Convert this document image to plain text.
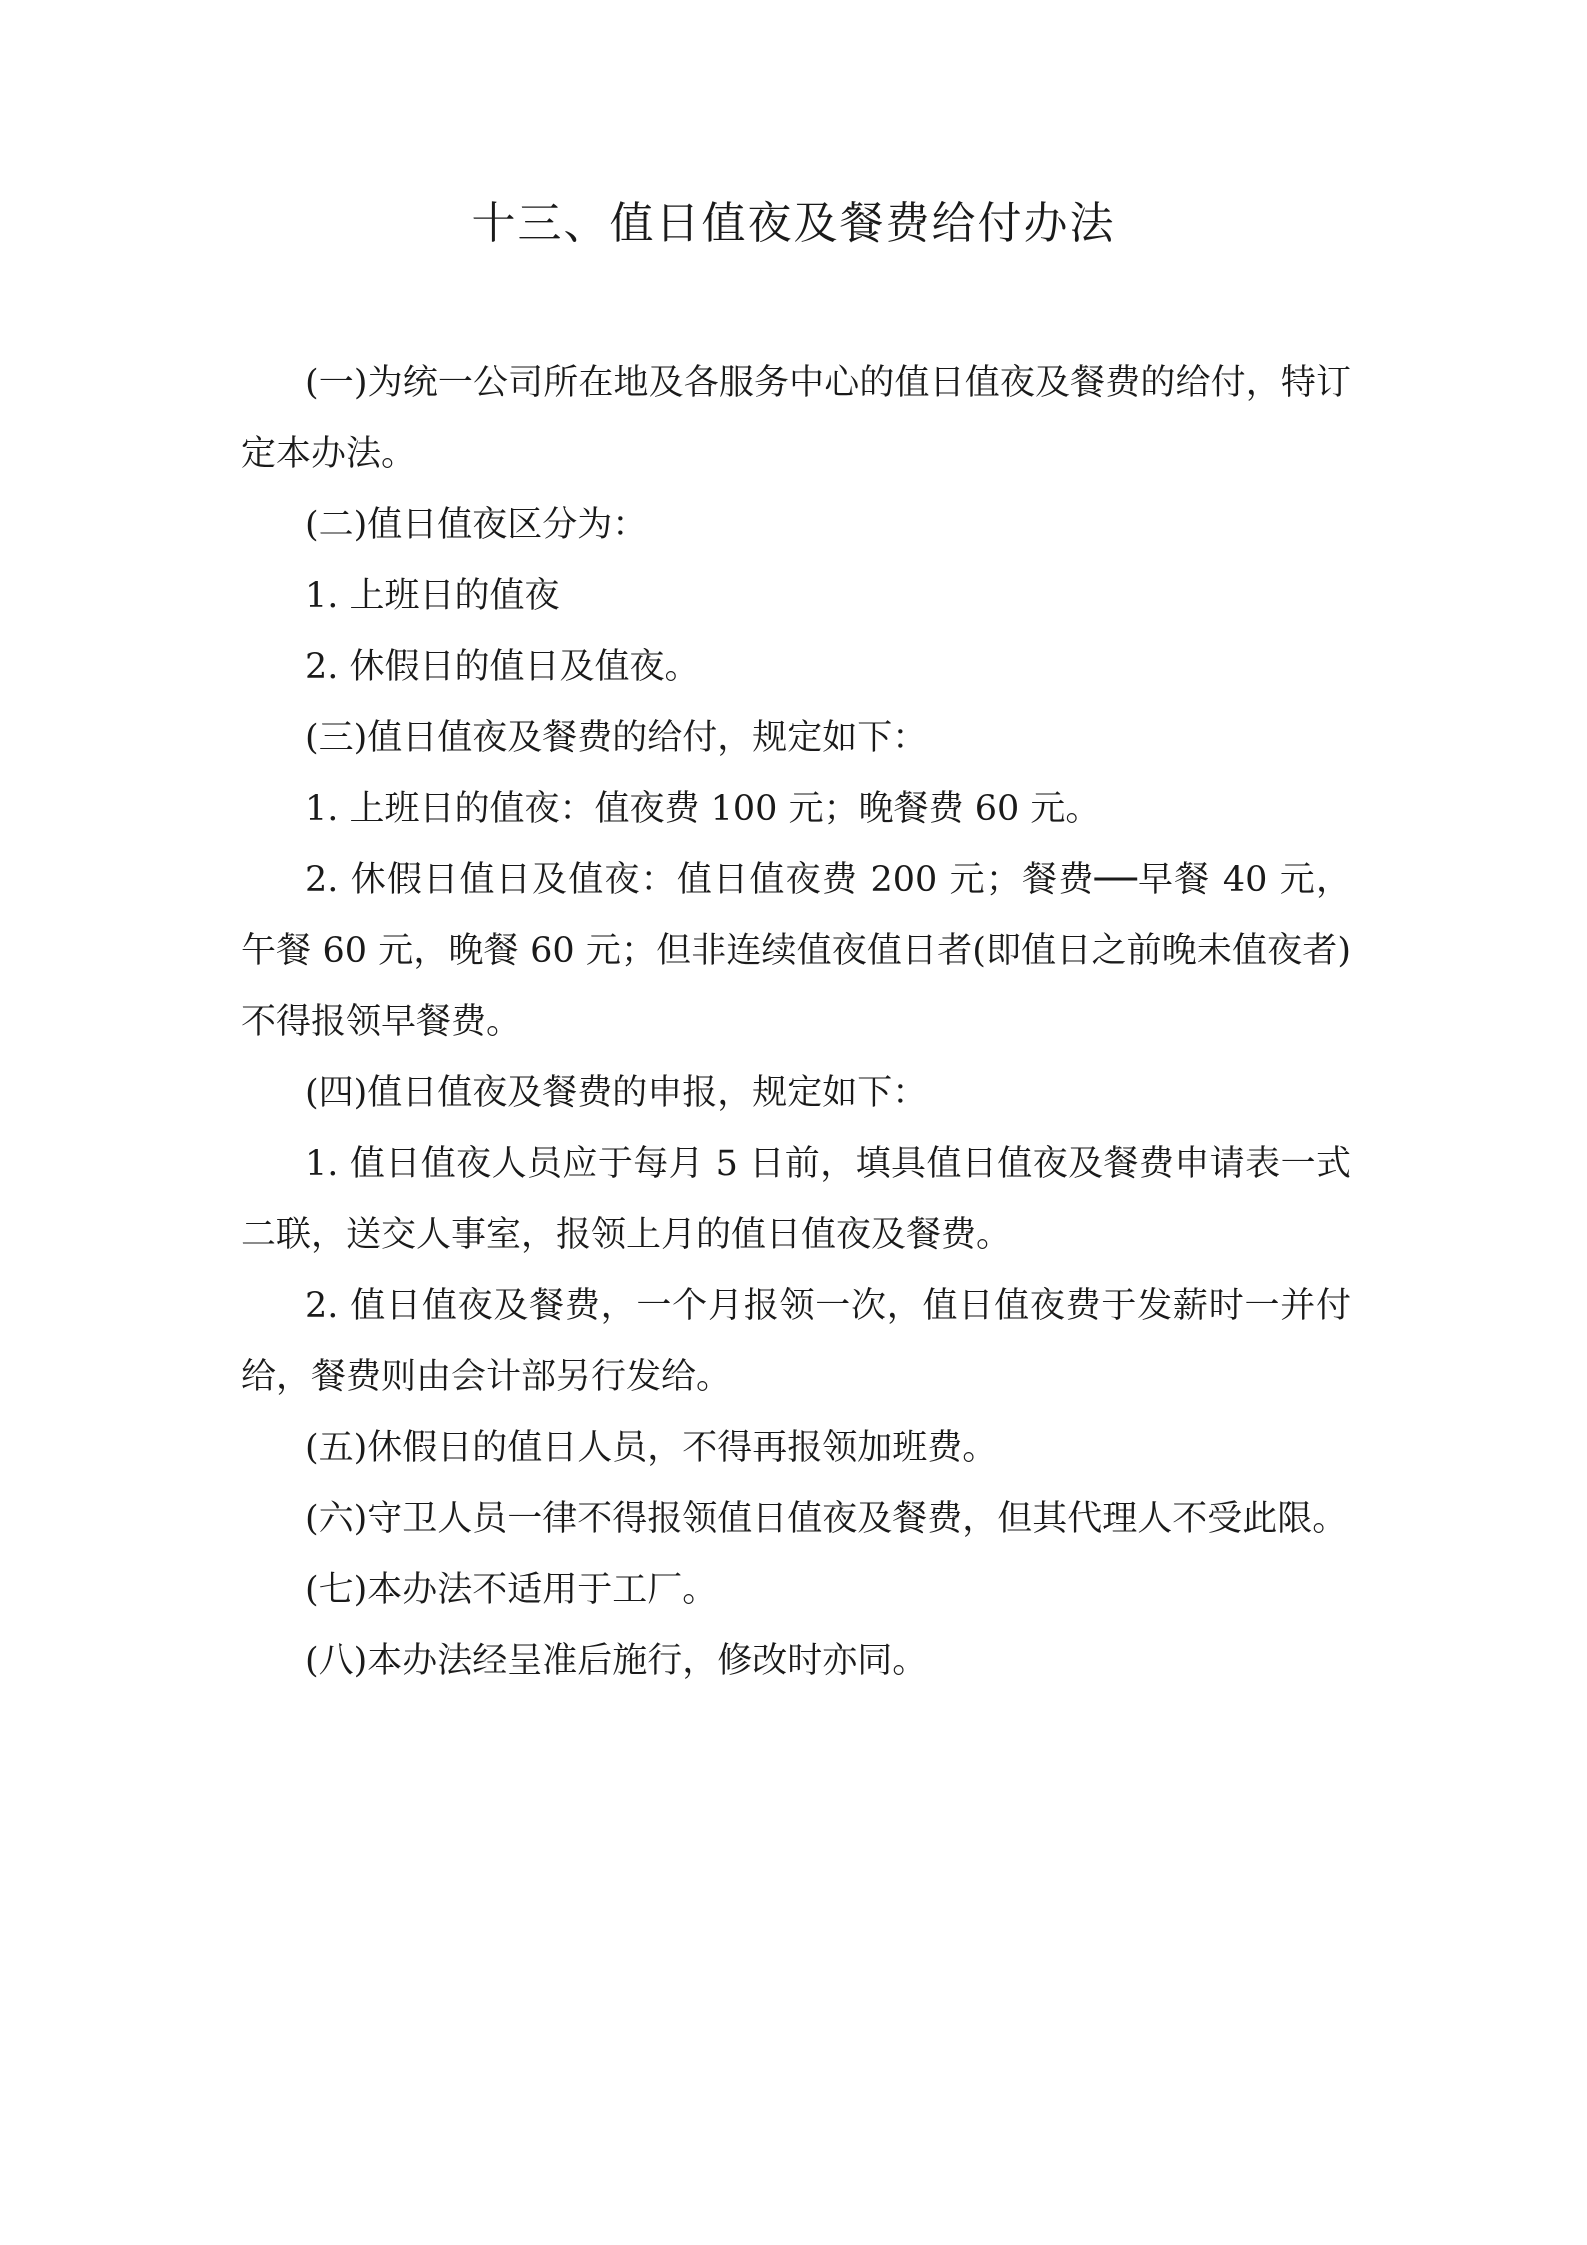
十三、值日值夜及餐费给付办法

(一)为统一公司所在地及各服务中心的值日值夜及餐费的给付，特订定本办法。

(二)值日值夜区分为：

1. 上班日的值夜

2. 休假日的值日及值夜。

(三)值日值夜及餐费的给付，规定如下：

1. 上班日的值夜：值夜费 100 元；晚餐费 60 元。

2. 休假日值日及值夜：值日值夜费 200 元；餐费──早餐 40 元，午餐 60 元，晚餐 60 元；但非连续值夜值日者(即值日之前晚未值夜者)不得报领早餐费。

(四)值日值夜及餐费的申报，规定如下：

1. 值日值夜人员应于每月 5 日前，填具值日值夜及餐费申请表一式二联，送交人事室，报领上月的值日值夜及餐费。

2. 值日值夜及餐费，一个月报领一次，值日值夜费于发薪时一并付给，餐费则由会计部另行发给。

(五)休假日的值日人员，不得再报领加班费。

(六)守卫人员一律不得报领值日值夜及餐费，但其代理人不受此限。

(七)本办法不适用于工厂。

(八)本办法经呈准后施行，修改时亦同。
